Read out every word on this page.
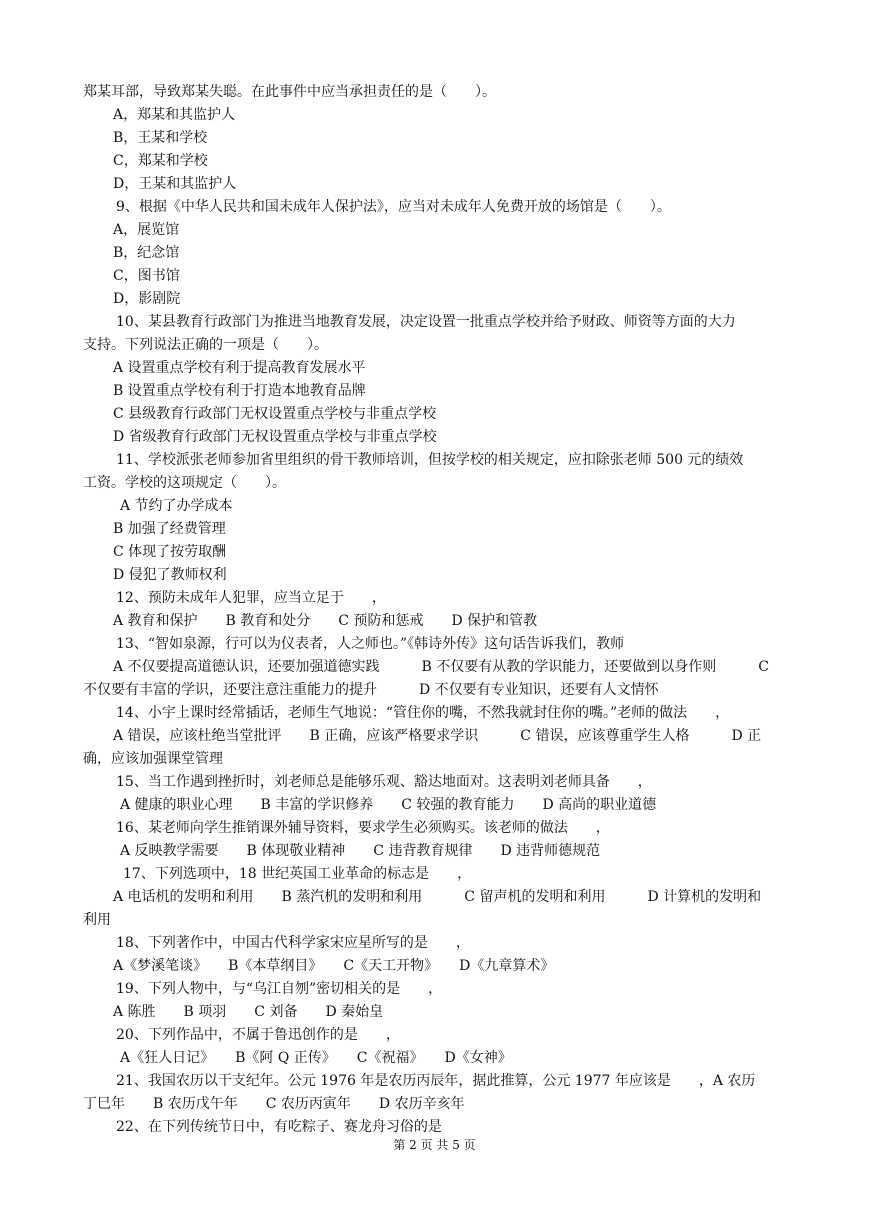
郑某耳部，导致郑某失聪。在此事件中应当承担责任的是（　　）。
A，郑某和其监护人
B，王某和学校
C，郑某和学校
D，王某和其监护人
9、根据《中华人民共和国未成年人保护法》，应当对未成年人免费开放的场馆是（　　）。
A，展览馆
B，纪念馆
C，图书馆
D，影剧院
10、某县教育行政部门为推进当地教育发展，决定设置一批重点学校并给予财政、师资等方面的大力
支持。下列说法正确的一项是（　　）。
A 设置重点学校有利于提高教育发展水平
B 设置重点学校有利于打造本地教育品牌
C 县级教育行政部门无权设置重点学校与非重点学校
D 省级教育行政部门无权设置重点学校与非重点学校
11、学校派张老师参加省里组织的骨干教师培训，但按学校的相关规定，应扣除张老师 500 元的绩效
工资。学校的这项规定（　　）。
A 节约了办学成本
B 加强了经费管理
C 体现了按劳取酬
D 侵犯了教师权利
12、预防未成年人犯罪，应当立足于　　，
A 教育和保护　　B 教育和处分　　C 预防和惩戒　　D 保护和管教
13、“智如泉源，行可以为仪表者，人之师也。”《韩诗外传》这句话告诉我们，教师
A 不仅要提高道德认识，还要加强道德实践　　　B 不仅要有从教的学识能力，还要做到以身作则　　　C
不仅要有丰富的学识，还要注意注重能力的提升　　　D 不仅要有专业知识，还要有人文情怀
14、小宇上课时经常插话，老师生气地说：“管住你的嘴，不然我就封住你的嘴。”老师的做法　　，
A 错误，应该杜绝当堂批评　　B 正确，应该严格要求学识　　　C 错误，应该尊重学生人格　　　D 正
确，应该加强课堂管理
15、当工作遇到挫折时，刘老师总是能够乐观、豁达地面对。这表明刘老师具备　　，
A 健康的职业心理　　B 丰富的学识修养　　C 较强的教育能力　　D 高尚的职业道德
16、某老师向学生推销课外辅导资料，要求学生必须购买。该老师的做法　　，
A 反映教学需要　　B 体现敬业精神　　C 违背教育规律　　D 违背师德规范
17、下列选项中，18 世纪英国工业革命的标志是　　，
A 电话机的发明和利用　　B 蒸汽机的发明和利用　　　C 留声机的发明和利用　　　D 计算机的发明和
利用
18、下列著作中，中国古代科学家宋应星所写的是　　，
A《梦溪笔谈》　　B《本草纲目》　　C《天工开物》　　D《九章算术》
19、下列人物中，与“乌江自刎”密切相关的是　　，
A 陈胜　　B 项羽　　C 刘备　　D 秦始皇
20、下列作品中，不属于鲁迅创作的是　　，
A《狂人日记》　　B《阿 Q 正传》　　C《祝福》　　D《女神》
21、我国农历以干支纪年。公元 1976 年是农历丙辰年，据此推算，公元 1977 年应该是　　，A 农历
丁巳年　　B 农历戊午年　　C 农历丙寅年　　D 农历辛亥年
22、在下列传统节日中，有吃粽子、赛龙舟习俗的是
第 2 页 共 5 页
